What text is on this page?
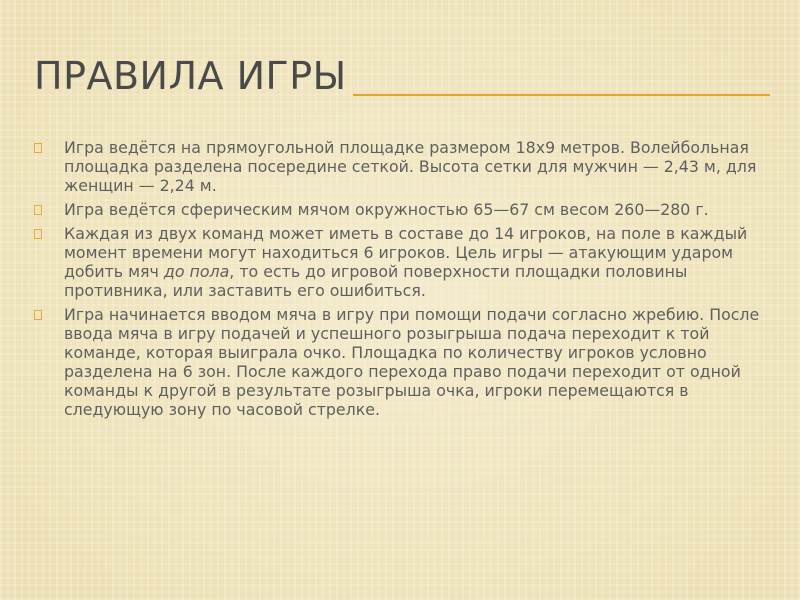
ПРАВИЛА ИГРЫ
Игра ведётся на прямоугольной площадке размером 18х9 метров. Волейбольная площадка разделена посередине сеткой. Высота сетки для мужчин — 2,43 м, для женщин — 2,24 м.
Игра ведётся сферическим мячом окружностью 65—67 см весом 260—280 г.
Каждая из двух команд может иметь в составе до 14 игроков, на поле в каждый момент времени могут находиться 6 игроков. Цель игры — атакующим ударом добить мяч до пола, то есть до игровой поверхности площадки половины противника, или заставить его ошибиться.
Игра начинается вводом мяча в игру при помощи подачи согласно жребию. После ввода мяча в игру подачей и успешного розыгрыша подача переходит к той команде, которая выиграла очко. Площадка по количеству игроков условно разделена на 6 зон. После каждого перехода право подачи переходит от одной команды к другой в результате розыгрыша очка, игроки перемещаются в следующую зону по часовой стрелке.
